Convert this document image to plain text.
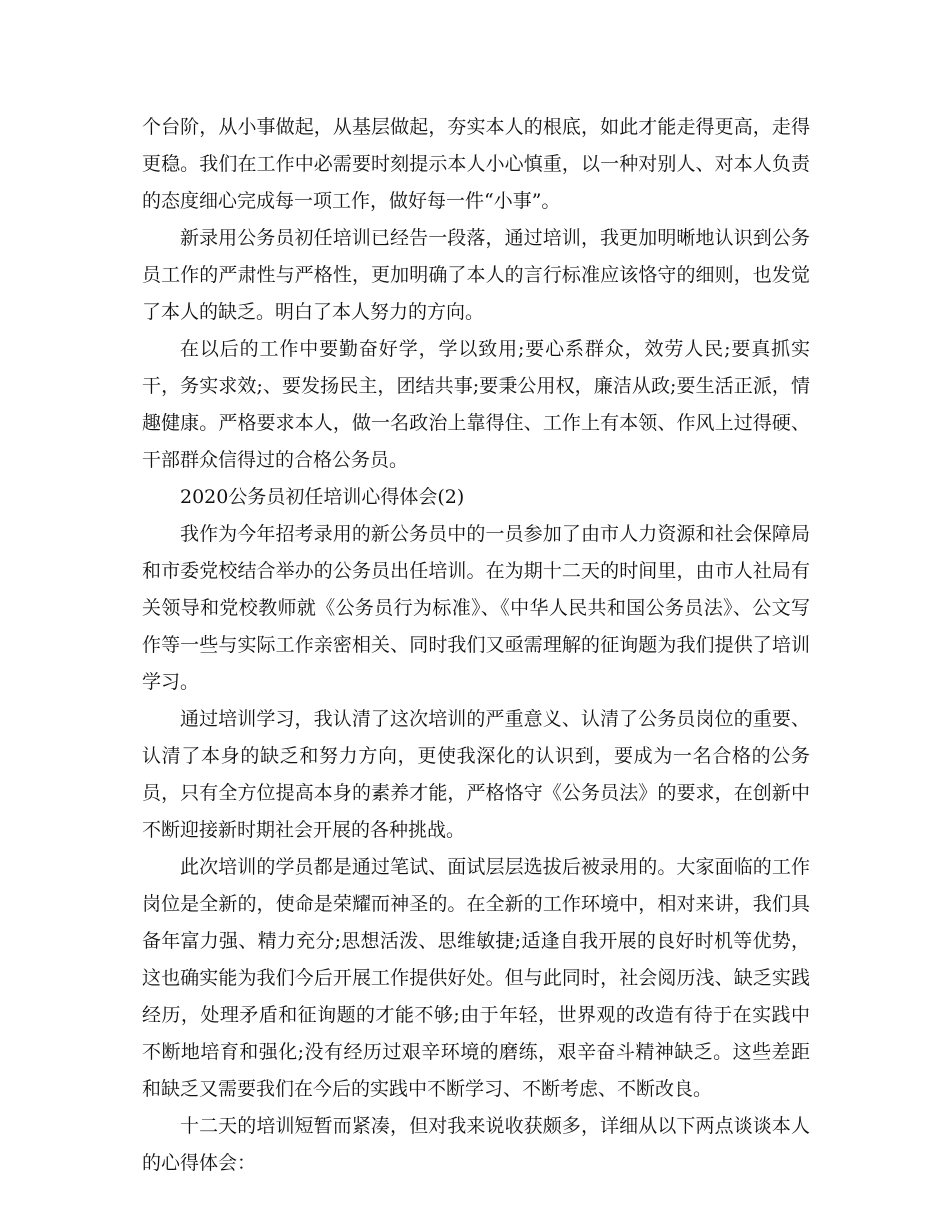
个台阶，从小事做起，从基层做起，夯实本人的根底，如此才能走得更高，走得更稳。我们在工作中必需要时刻提示本人小心慎重，以一种对别人、对本人负责的态度细心完成每一项工作，做好每一件“小事”。

新录用公务员初任培训已经告一段落，通过培训，我更加明晰地认识到公务员工作的严肃性与严格性，更加明确了本人的言行标准应该恪守的细则，也发觉了本人的缺乏。明白了本人努力的方向。

在以后的工作中要勤奋好学，学以致用;要心系群众，效劳人民;要真抓实干，务实求效;、要发扬民主，团结共事;要秉公用权，廉洁从政;要生活正派，情趣健康。严格要求本人，做一名政治上靠得住、工作上有本领、作风上过得硬、干部群众信得过的合格公务员。

2020公务员初任培训心得体会(2)

我作为今年招考录用的新公务员中的一员参加了由市人力资源和社会保障局和市委党校结合举办的公务员出任培训。在为期十二天的时间里，由市人社局有关领导和党校教师就《公务员行为标准》、《中华人民共和国公务员法》、公文写作等一些与实际工作亲密相关、同时我们又亟需理解的征询题为我们提供了培训学习。

通过培训学习，我认清了这次培训的严重意义、认清了公务员岗位的重要、认清了本身的缺乏和努力方向，更使我深化的认识到，要成为一名合格的公务员，只有全方位提高本身的素养才能，严格恪守《公务员法》的要求，在创新中不断迎接新时期社会开展的各种挑战。

此次培训的学员都是通过笔试、面试层层选拔后被录用的。大家面临的工作岗位是全新的，使命是荣耀而神圣的。在全新的工作环境中，相对来讲，我们具备年富力强、精力充分;思想活泼、思维敏捷;适逢自我开展的良好时机等优势，这也确实能为我们今后开展工作提供好处。但与此同时，社会阅历浅、缺乏实践经历，处理矛盾和征询题的才能不够;由于年轻，世界观的改造有待于在实践中不断地培育和强化;没有经历过艰辛环境的磨练，艰辛奋斗精神缺乏。这些差距和缺乏又需要我们在今后的实践中不断学习、不断考虑、不断改良。

十二天的培训短暂而紧凑，但对我来说收获颇多，详细从以下两点谈谈本人的心得体会：
